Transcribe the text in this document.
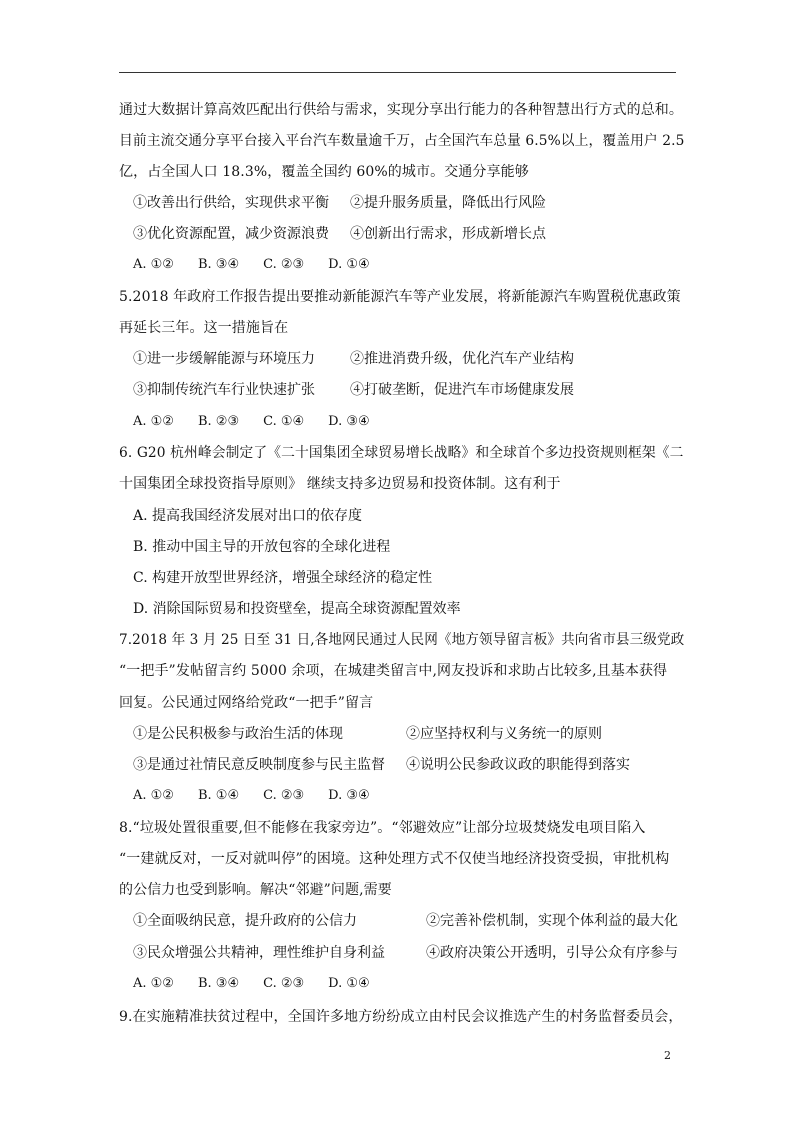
通过大数据计算高效匹配出行供给与需求，实现分享出行能力的各种智慧出行方式的总和。
目前主流交通分享平台接入平台汽车数量逾千万，占全国汽车总量 6.5%以上，覆盖用户 2.5
亿，占全国人口 18.3%，覆盖全国约 60%的城市。交通分享能够
①改善出行供给，实现供求平衡 ②提升服务质量，降低出行风险
③优化资源配置，减少资源浪费 ④创新出行需求，形成新增长点
A. ①② B. ③④ C. ②③ D. ①④
5.2018 年政府工作报告提出要推动新能源汽车等产业发展，将新能源汽车购置税优惠政策
再延长三年。这一措施旨在
①进一步缓解能源与环境压力	②推进消费升级，优化汽车产业结构
③抑制传统汽车行业快速扩张	④打破垄断，促进汽车市场健康发展
A. ①② B. ②③ C. ①④ D. ③④
6. G20 杭州峰会制定了《二十国集团全球贸易增长战略》和全球首个多边投资规则框架《二
十国集团全球投资指导原则》 继续支持多边贸易和投资体制。这有利于
A. 提高我国经济发展对出口的依存度
B. 推动中国主导的开放包容的全球化进程
C. 构建开放型世界经济，增强全球经济的稳定性
D. 消除国际贸易和投资壁垒，提高全球资源配置效率
7.2018 年 3 月 25 日至 31 日,各地网民通过人民网《地方领导留言板》共向省市县三级党政
“一把手”发帖留言约 5000 余项，在城建类留言中,网友投诉和求助占比较多,且基本获得
回复。公民通过网络给党政“一把手”留言
①是公民积极参与政治生活的体现	②应坚持权利与义务统一的原则
③是通过社情民意反映制度参与民主监督 ④说明公民参政议政的职能得到落实
A. ①② B. ①④ C. ②③ D. ③④
8.“垃圾处置很重要,但不能修在我家旁边”。“邻避效应”让部分垃圾焚烧发电项目陷入
“一建就反对，一反对就叫停”的困境。这种处理方式不仅使当地经济投资受损，审批机构
的公信力也受到影响。解决“邻避”问题,需要
①全面吸纳民意，提升政府的公信力	②完善补偿机制，实现个体利益的最大化
③民众增强公共精神，理性维护自身利益	④政府决策公开透明，引导公众有序参与
A. ①② B. ③④ C. ②③ D. ①④
9.在实施精准扶贫过程中，全国许多地方纷纷成立由村民会议推选产生的村务监督委员会，
2
